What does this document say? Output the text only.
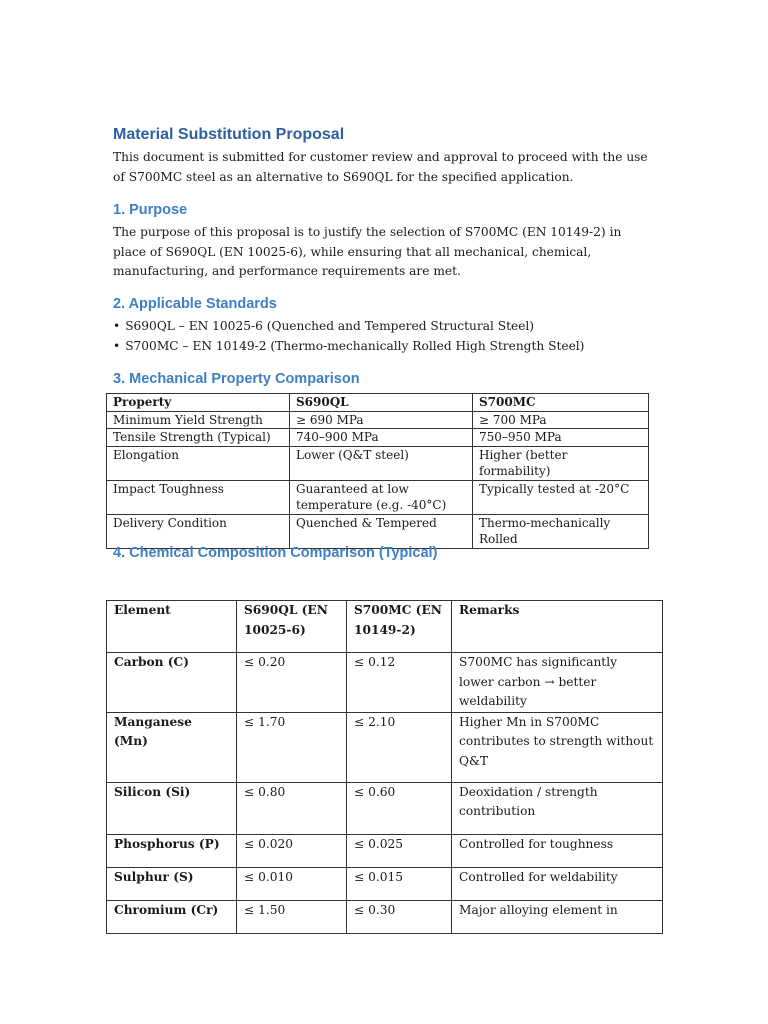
Material Substitution Proposal

This document is submitted for customer review and approval to proceed with the use of S700MC steel as an alternative to S690QL for the specified application.

1. Purpose

The purpose of this proposal is to justify the selection of S700MC (EN 10149-2) in place of S690QL (EN 10025-6), while ensuring that all mechanical, chemical, manufacturing, and performance requirements are met.

2. Applicable Standards
• S690QL – EN 10025-6 (Quenched and Tempered Structural Steel)
• S700MC – EN 10149-2 (Thermo-mechanically Rolled High Strength Steel)
3. Mechanical Property Comparison
Property	S690QL	S700MC
Minimum Yield Strength	≥ 690 MPa	≥ 700 MPa
Tensile Strength (Typical)	740–900 MPa	750–950 MPa
Elongation	Lower (Q&T steel)	Higher (better formability)
Impact Toughness	Guaranteed at low temperature (e.g. -40°C)	Typically tested at -20°C
Delivery Condition	Quenched & Tempered	Thermo-mechanically Rolled
4. Chemical Composition Comparison (Typical)
Element	S690QL (EN 10025-6)	S700MC (EN 10149-2)	Remarks
Carbon (C)	≤ 0.20	≤ 0.12	S700MC has significantly lower carbon → better weldability
Manganese (Mn)	≤ 1.70	≤ 2.10	Higher Mn in S700MC contributes to strength without Q&T
Silicon (Si)	≤ 0.80	≤ 0.60	Deoxidation / strength contribution
Phosphorus (P)	≤ 0.020	≤ 0.025	Controlled for toughness
Sulphur (S)	≤ 0.010	≤ 0.015	Controlled for weldability
Chromium (Cr)	≤ 1.50	≤ 0.30	Major alloying element in
